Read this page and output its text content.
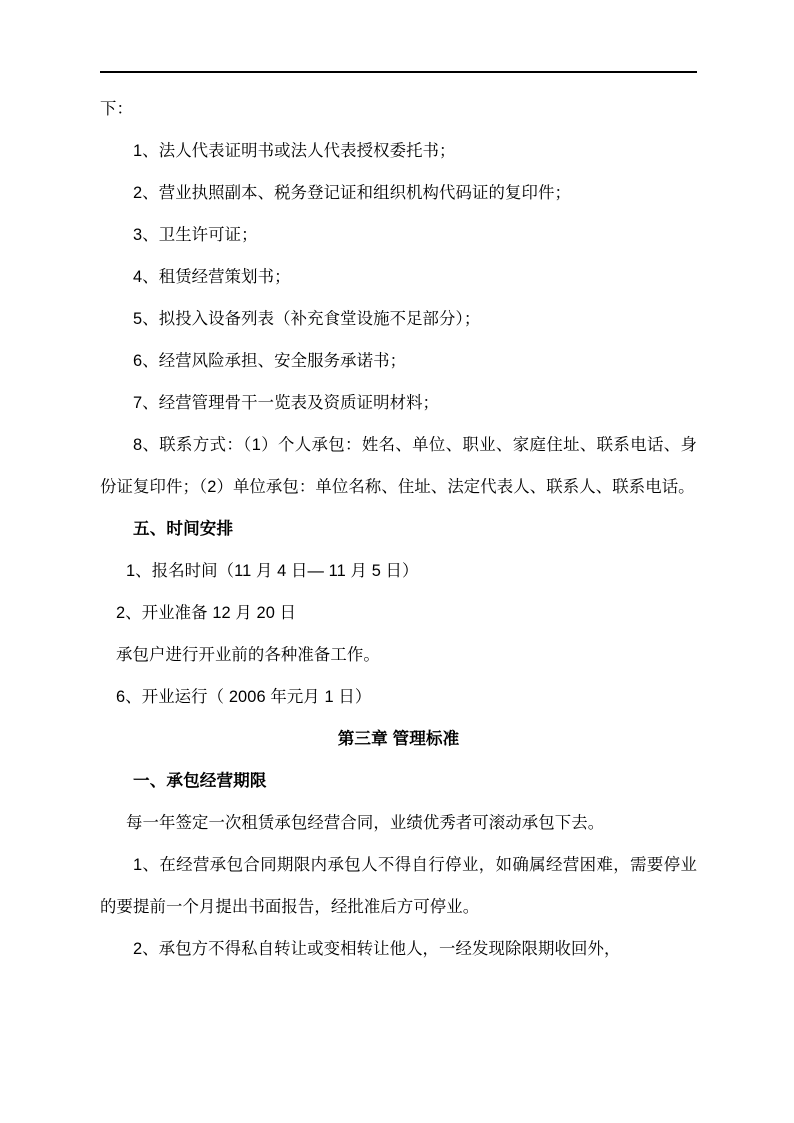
下：

1、法人代表证明书或法人代表授权委托书；

2、营业执照副本、税务登记证和组织机构代码证的复印件；

3、卫生许可证；

4、租赁经营策划书；

5、拟投入设备列表（补充食堂设施不足部分）；

6、经营风险承担、安全服务承诺书；

7、经营管理骨干一览表及资质证明材料；

8、联系方式：（1）个人承包：姓名、单位、职业、家庭住址、联系电话、身份证复印件；（2）单位承包：单位名称、住址、法定代表人、联系人、联系电话。

五、时间安排

1、报名时间（11 月 4 日— 11 月 5 日）

2、开业准备 12 月 20 日

承包户进行开业前的各种准备工作。

6、开业运行（ 2006 年元月 1 日）

第三章 管理标准

一、承包经营期限

每一年签定一次租赁承包经营合同，业绩优秀者可滚动承包下去。

1、在经营承包合同期限内承包人不得自行停业，如确属经营困难，需要停业的要提前一个月提出书面报告，经批准后方可停业。

2、承包方不得私自转让或变相转让他人，一经发现除限期收回外，
